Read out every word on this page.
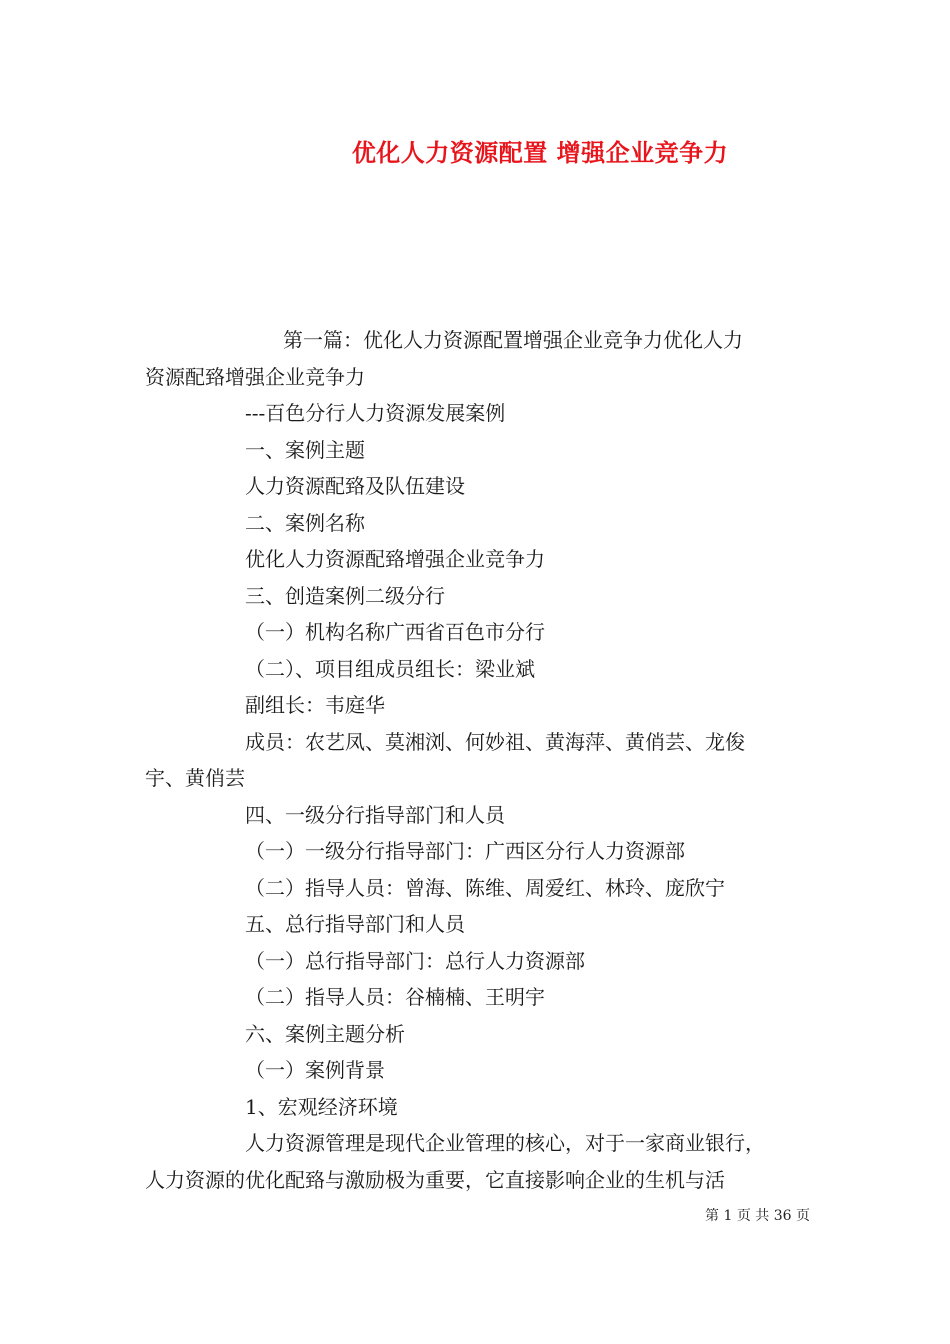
优化人力资源配置 增强企业竞争力
第一篇：优化人力资源配置增强企业竞争力优化人力
资源配臵增强企业竞争力
---百色分行人力资源发展案例
一、案例主题
人力资源配臵及队伍建设
二、案例名称
优化人力资源配臵增强企业竞争力
三、创造案例二级分行
（一）机构名称广西省百色市分行
（二）、项目组成员组长：梁业斌
副组长：韦庭华
成员：农艺凤、莫湘浏、何妙祖、黄海萍、黄俏芸、龙俊
宇、黄俏芸
四、一级分行指导部门和人员
（一）一级分行指导部门：广西区分行人力资源部
（二）指导人员：曾海、陈维、周爱红、林玲、庞欣宁
五、总行指导部门和人员
（一）总行指导部门：总行人力资源部
（二）指导人员：谷楠楠、王明宇
六、案例主题分析
（一）案例背景
1、宏观经济环境
人力资源管理是现代企业管理的核心，对于一家商业银行，
人力资源的优化配臵与激励极为重要，它直接影响企业的生机与活
第 1 页 共 36 页
